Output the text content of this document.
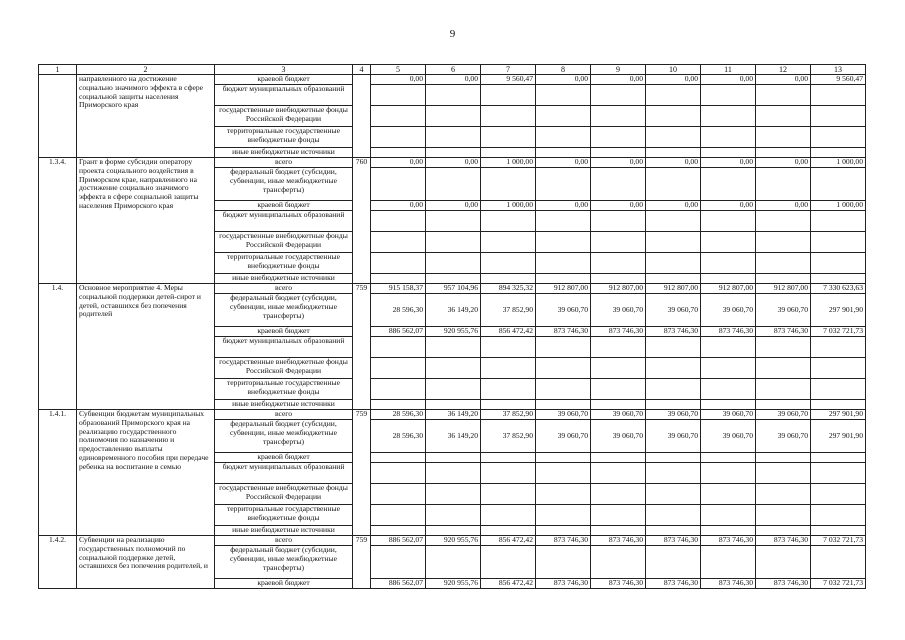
9
1	2	3	4	5	6	7	8	9	10	11	12	13
	направленного на достижение социально значимого эффекта в сфере социальной защиты населения Приморского края	краевой бюджет		0,00	0,00	9 560,47	0,00	0,00	0,00	0,00	0,00	9 560,47
		бюджет муниципальных образований										
		государственные внебюджетные фонды Российской Федерации										
		территориальные государственные внебюджетные фонды										
		иные внебюджетные источники										
1.3.4.	Грант в форме субсидии оператору проекта социального воздействия в Приморском крае, направленного на достижение социально значимого эффекта в сфере социальной защиты населения Приморского края	всего	760	0,00	0,00	1 000,00	0,00	0,00	0,00	0,00	0,00	1 000,00
		федеральный бюджет (субсидии, субвенции, иные межбюджетные трансферты)										
		краевой бюджет		0,00	0,00	1 000,00	0,00	0,00	0,00	0,00	0,00	1 000,00
		бюджет муниципальных образований										
		государственные внебюджетные фонды Российской Федерации										
		территориальные государственные внебюджетные фонды										
		иные внебюджетные источники										
1.4.	Основное мероприятие 4. Меры социальной поддержки детей-сирот и детей, оставшихся без попечения родителей	всего	759	915 158,37	957 104,96	894 325,32	912 807,00	912 807,00	912 807,00	912 807,00	912 807,00	7 330 623,63
		федеральный бюджет (субсидии, субвенции, иные межбюджетные трансферты)		28 596,30	36 149,20	37 852,90	39 060,70	39 060,70	39 060,70	39 060,70	39 060,70	297 901,90
		краевой бюджет		886 562,07	920 955,76	856 472,42	873 746,30	873 746,30	873 746,30	873 746,30	873 746,30	7 032 721,73
		бюджет муниципальных образований										
		государственные внебюджетные фонды Российской Федерации										
		территориальные государственные внебюджетные фонды										
		иные внебюджетные источники										
1.4.1.	Субвенции бюджетам муниципальных образований Приморского края на реализацию государственного полномочия по назначению и предоставлению выплаты единовременного пособия при передаче ребенка на воспитание в семью	всего	759	28 596,30	36 149,20	37 852,90	39 060,70	39 060,70	39 060,70	39 060,70	39 060,70	297 901,90
		федеральный бюджет (субсидии, субвенции, иные межбюджетные трансферты)		28 596,30	36 149,20	37 852,90	39 060,70	39 060,70	39 060,70	39 060,70	39 060,70	297 901,90
		краевой бюджет										
		бюджет муниципальных образований										
		государственные внебюджетные фонды Российской Федерации										
		территориальные государственные внебюджетные фонды										
		иные внебюджетные источники										
1.4.2.	Субвенции на реализацию государственных полномочий по социальной поддержке детей, оставшихся без попечения родителей, и	всего	759	886 562,07	920 955,76	856 472,42	873 746,30	873 746,30	873 746,30	873 746,30	873 746,30	7 032 721,73
		федеральный бюджет (субсидии, субвенции, иные межбюджетные трансферты)										
		краевой бюджет		886 562,07	920 955,76	856 472,42	873 746,30	873 746,30	873 746,30	873 746,30	873 746,30	7 032 721,73
